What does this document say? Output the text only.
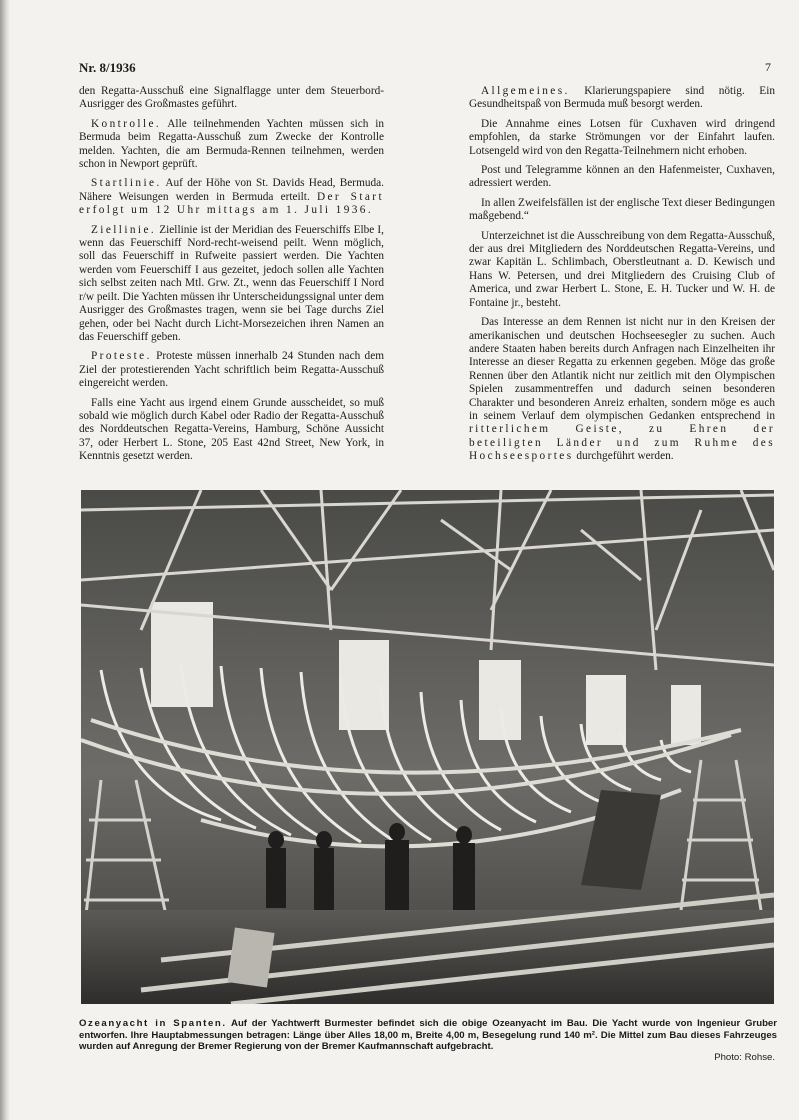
Nr. 8/1936	7

den Regatta-Ausschuß eine Signalflagge unter dem Steuerbord-Ausrigger des Großmastes geführt.

Kontrolle. Alle teilnehmenden Yachten müssen sich in Bermuda beim Regatta-Ausschuß zum Zwecke der Kontrolle melden. Yachten, die am Bermuda-Rennen teilnehmen, werden schon in Newport geprüft.

Startlinie. Auf der Höhe von St. Davids Head, Bermuda. Nähere Weisungen werden in Bermuda erteilt. Der Start erfolgt um 12 Uhr mittags am 1. Juli 1936.

Ziellinie. Ziellinie ist der Meridian des Feuerschiffs Elbe I, wenn das Feuerschiff Nord-recht-weisend peilt. Wenn möglich, soll das Feuerschiff in Rufweite passiert werden. Die Yachten werden vom Feuerschiff I aus gezeitet, jedoch sollen alle Yachten sich selbst zeiten nach Mtl. Grw. Zt., wenn das Feuerschiff I Nord r/w peilt. Die Yachten müssen ihr Unterscheidungssignal unter dem Ausrigger des Großmastes tragen, wenn sie bei Tage durchs Ziel gehen, oder bei Nacht durch Licht-Morsezeichen ihren Namen an das Feuerschiff geben.

Proteste. Proteste müssen innerhalb 24 Stunden nach dem Ziel der protestierenden Yacht schriftlich beim Regatta-Ausschuß eingereicht werden.

Falls eine Yacht aus irgend einem Grunde ausscheidet, so muß sobald wie möglich durch Kabel oder Radio der Regatta-Ausschuß des Norddeutschen Regatta-Vereins, Hamburg, Schöne Aussicht 37, oder Herbert L. Stone, 205 East 42nd Street, New York, in Kenntnis gesetzt werden.

Allgemeines. Klarierungspapiere sind nötig. Ein Gesundheitspaß von Bermuda muß besorgt werden.

Die Annahme eines Lotsen für Cuxhaven wird dringend empfohlen, da starke Strömungen vor der Einfahrt laufen. Lotsengeld wird von den Regatta-Teilnehmern nicht erhoben.

Post und Telegramme können an den Hafenmeister, Cuxhaven, adressiert werden.

In allen Zweifelsfällen ist der englische Text dieser Bedingungen maßgebend.“

Unterzeichnet ist die Ausschreibung von dem Regatta-Ausschuß, der aus drei Mitgliedern des Norddeutschen Regatta-Vereins, und zwar Kapitän L. Schlimbach, Oberstleutnant a. D. Kewisch und Hans W. Petersen, und drei Mitgliedern des Cruising Club of America, und zwar Herbert L. Stone, E. H. Tucker und W. H. de Fontaine jr., besteht.

Das Interesse an dem Rennen ist nicht nur in den Kreisen der amerikanischen und deutschen Hochseesegler zu suchen. Auch andere Staaten haben bereits durch Anfragen nach Einzelheiten ihr Interesse an dieser Regatta zu erkennen gegeben. Möge das große Rennen über den Atlantik nicht nur zeitlich mit den Olympischen Spielen zusammentreffen und dadurch seinen besonderen Charakter und besonderen Anreiz erhalten, sondern möge es auch in seinem Verlauf dem olympischen Gedanken entsprechend in ritterlichem Geiste, zu Ehren der beteiligten Länder und zum Ruhme des Hochseesportes durchgeführt werden.

Ozeanyacht in Spanten. Auf der Yachtwerft Burmester befindet sich die obige Ozeanyacht im Bau. Die Yacht wurde von Ingenieur Gruber entworfen. Ihre Hauptabmessungen betragen: Länge über Alles 18,00 m, Breite 4,00 m, Besegelung rund 140 m². Die Mittel zum Bau dieses Fahrzeuges wurden auf Anregung der Bremer Regierung von der Bremer Kaufmannschaft aufgebracht.
Photo: Rohse.
